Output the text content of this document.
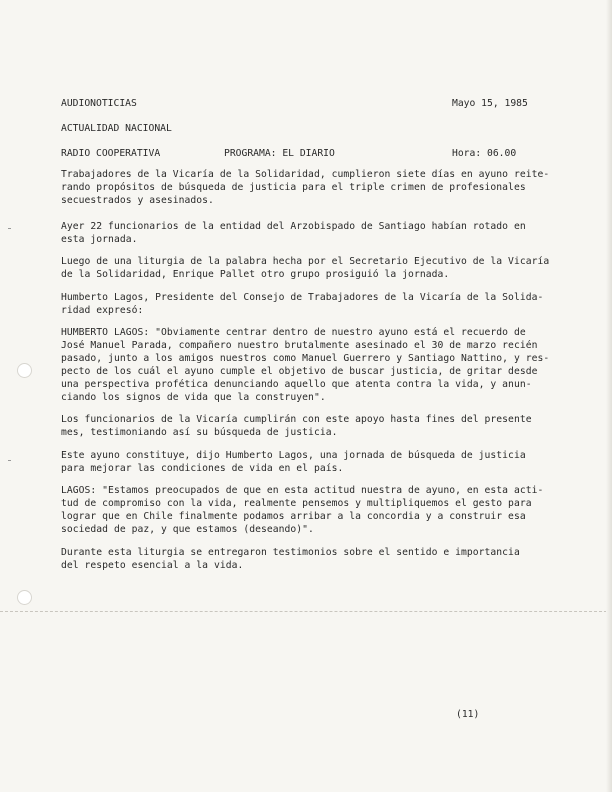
AUDIONOTICIAS	Mayo 15, 1985
ACTUALIDAD NACIONAL
RADIO COOPERATIVA	PROGRAMA: EL DIARIO	Hora: 06.00
Trabajadores de la Vicaría de la Solidaridad, cumplieron siete días en ayuno reite-
rando propósitos de búsqueda de justicia para el triple crimen de profesionales
secuestrados y asesinados.
Ayer 22 funcionarios de la entidad del Arzobispado de Santiago habían rotado en
esta jornada.
Luego de una liturgia de la palabra hecha por el Secretario Ejecutivo de la Vicaría
de la Solidaridad, Enrique Pallet otro grupo prosiguió la jornada.
Humberto Lagos, Presidente del Consejo de Trabajadores de la Vicaría de la Solida-
ridad expresó:
HUMBERTO LAGOS: "Obviamente centrar dentro de nuestro ayuno está el recuerdo de
José Manuel Parada, compañero nuestro brutalmente asesinado el 30 de marzo recién
pasado, junto a los amigos nuestros como Manuel Guerrero y Santiago Nattino, y res-
pecto de los cuál el ayuno cumple el objetivo de buscar justicia, de gritar desde
una perspectiva profética denunciando aquello que atenta contra la vida, y anun-
ciando los signos de vida que la construyen".
Los funcionarios de la Vicaría cumplirán con este apoyo hasta fines del presente
mes, testimoniando así su búsqueda de justicia.
Este ayuno constituye, dijo Humberto Lagos, una jornada de búsqueda de justicia
para mejorar las condiciones de vida en el país.
LAGOS: "Estamos preocupados de que en esta actitud nuestra de ayuno, en esta acti-
tud de compromiso con la vida, realmente pensemos y multipliquemos el gesto para
lograr que en Chile finalmente podamos arribar a la concordia y a construir esa
sociedad de paz, y que estamos (deseando)".
Durante esta liturgia se entregaron testimonios sobre el sentido e importancia
del respeto esencial a la vida.
(11)
